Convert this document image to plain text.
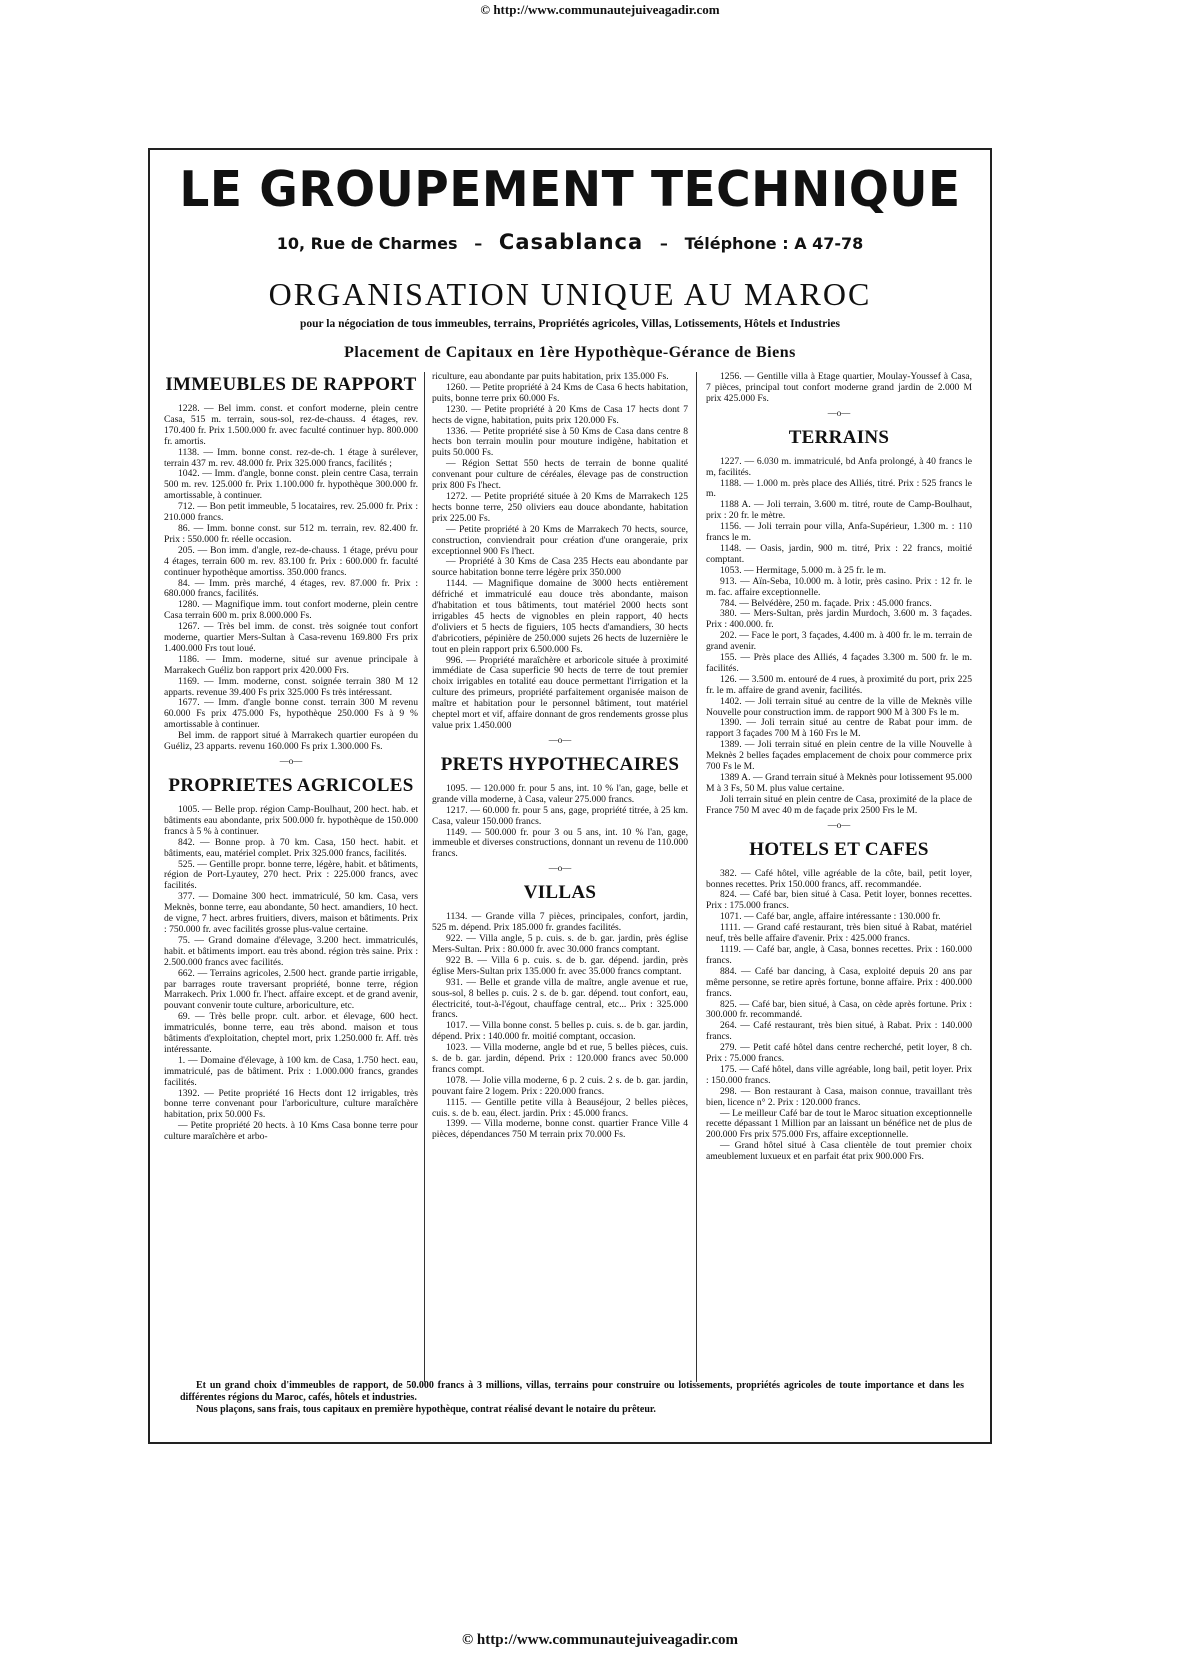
© http://www.communautejuiveagadir.com
LE GROUPEMENT TECHNIQUE
10, Rue de Charmes – Casablanca – Téléphone : A 47-78
ORGANISATION UNIQUE AU MAROC
pour la négociation de tous immeubles, terrains, Propriétés agricoles, Villas, Lotissements, Hôtels et Industries
Placement de Capitaux en 1ère Hypothèque-Gérance de Biens
IMMEUBLES DE RAPPORT

1228. — Bel imm. const. et confort moderne, plein centre Casa, 515 m. terrain, sous-sol, rez-de-chauss. 4 étages, rev. 170.400 fr. Prix 1.500.000 fr. avec faculté continuer hyp. 800.000 fr. amortis.

1138. — Imm. bonne const. rez-de-ch. 1 étage à surélever, terrain 437 m. rev. 48.000 fr. Prix 325.000 francs, facilités ;

1042. — Imm. d'angle, bonne const. plein centre Casa, terrain 500 m. rev. 125.000 fr. Prix 1.100.000 fr. hypothèque 300.000 fr. amortissable, à continuer.

712. — Bon petit immeuble, 5 locataires, rev. 25.000 fr. Prix : 210.000 francs.

86. — Imm. bonne const. sur 512 m. terrain, rev. 82.400 fr. Prix : 550.000 fr. réelle occasion.

205. — Bon imm. d'angle, rez-de-chauss. 1 étage, prévu pour 4 étages, terrain 600 m. rev. 83.100 fr. Prix : 600.000 fr. faculté continuer hypothèque amortiss. 350.000 francs.

84. — Imm. près marché, 4 étages, rev. 87.000 fr. Prix : 680.000 francs, facilités.

1280. — Magnifique imm. tout confort moderne, plein centre Casa terrain 600 m. prix 8.000.000 Fs.

1267. — Très bel imm. de const. très soignée tout confort moderne, quartier Mers-Sultan à Casa-revenu 169.800 Frs prix 1.400.000 Frs tout loué.

1186. — Imm. moderne, situé sur avenue principale à Marrakech Guéliz bon rapport prix 420.000 Frs.

1169. — Imm. moderne, const. soignée terrain 380 M 12 apparts. revenue 39.400 Fs prix 325.000 Fs très intéressant.

1677. — Imm. d'angle bonne const. terrain 300 M revenu 60.000 Fs prix 475.000 Fs, hypothèque 250.000 Fs à 9 % amortissable à continuer.

Bel imm. de rapport situé à Marrakech quartier européen du Guéliz, 23 apparts. revenu 160.000 Fs prix 1.300.000 Fs.

—o—
PROPRIETES AGRICOLES

1005. — Belle prop. région Camp-Boulhaut, 200 hect. hab. et bâtiments eau abondante, prix 500.000 fr. hypothèque de 150.000 francs à 5 % à continuer.

842. — Bonne prop. à 70 km. Casa, 150 hect. habit. et bâtiments, eau, matériel complet. Prix 325.000 francs, facilités.

525. — Gentille propr. bonne terre, légère, habit. et bâtiments, région de Port-Lyautey, 270 hect. Prix : 225.000 francs, avec facilités.

377. — Domaine 300 hect. immatriculé, 50 km. Casa, vers Meknès, bonne terre, eau abondante, 50 hect. amandiers, 10 hect. de vigne, 7 hect. arbres fruitiers, divers, maison et bâtiments. Prix : 750.000 fr. avec facilités grosse plus-value certaine.

75. — Grand domaine d'élevage, 3.200 hect. immatriculés, habit. et bâtiments import. eau très abond. région très saine. Prix : 2.500.000 francs avec facilités.

662. — Terrains agricoles, 2.500 hect. grande partie irrigable, par barrages route traversant propriété, bonne terre, région Marrakech. Prix 1.000 fr. l'hect. affaire except. et de grand avenir, pouvant convenir toute culture, arboriculture, etc.

69. — Très belle propr. cult. arbor. et élevage, 600 hect. immatriculés, bonne terre, eau très abond. maison et tous bâtiments d'exploitation, cheptel mort, prix 1.250.000 fr. Aff. très intéressante.

1. — Domaine d'élevage, à 100 km. de Casa, 1.750 hect. eau, immatriculé, pas de bâtiment. Prix : 1.000.000 francs, grandes facilités.

1392. — Petite propriété 16 Hects dont 12 irrigables, très bonne terre convenant pour l'arboriculture, culture maraîchère habitation, prix 50.000 Fs.

— Petite propriété 20 hects. à 10 Kms Casa bonne terre pour culture maraîchère et arbo-

riculture, eau abondante par puits habitation, prix 135.000 Fs.

1260. — Petite propriété à 24 Kms de Casa 6 hects habitation, puits, bonne terre prix 60.000 Fs.

1230. — Petite propriété à 20 Kms de Casa 17 hects dont 7 hects de vigne, habitation, puits prix 120.000 Fs.

1336. — Petite propriété sise à 50 Kms de Casa dans centre 8 hects bon terrain moulin pour mouture indigène, habitation et puits 50.000 Fs.

— Région Settat 550 hects de terrain de bonne qualité convenant pour culture de céréales, élevage pas de construction prix 800 Fs l'hect.

1272. — Petite propriété située à 20 Kms de Marrakech 125 hects bonne terre, 250 oliviers eau douce abondante, habitation prix 225.00 Fs.

— Petite propriété à 20 Kms de Marrakech 70 hects, source, construction, conviendrait pour création d'une orangeraie, prix exceptionnel 900 Fs l'hect.

— Propriété à 30 Kms de Casa 235 Hects eau abondante par source habitation bonne terre légère prix 350.000

1144. — Magnifique domaine de 3000 hects entièrement défriché et immatriculé eau douce très abondante, maison d'habitation et tous bâtiments, tout matériel 2000 hects sont irrigables 45 hects de vignobles en plein rapport, 40 hects d'oliviers et 5 hects de figuiers, 105 hects d'amandiers, 30 hects d'abricotiers, pépinière de 250.000 sujets 26 hects de luzernière le tout en plein rapport prix 6.500.000 Fs.

996. — Propriété maraîchère et arboricole située à proximité immédiate de Casa superficie 90 hects de terre de tout premier choix irrigables en totalité eau douce permettant l'irrigation et la culture des primeurs, propriété parfaitement organisée maison de maître et habitation pour le personnel bâtiment, tout matériel cheptel mort et vif, affaire donnant de gros rendements grosse plus value prix 1.450.000

—o—
PRETS HYPOTHECAIRES

1095. — 120.000 fr. pour 5 ans, int. 10 % l'an, gage, belle et grande villa moderne, à Casa, valeur 275.000 francs.

1217. — 60.000 fr. pour 5 ans, gage, propriété titrée, à 25 km. Casa, valeur 150.000 francs.

1149. — 500.000 fr. pour 3 ou 5 ans, int. 10 % l'an, gage, immeuble et diverses constructions, donnant un revenu de 110.000 francs.

—o—
VILLAS

1134. — Grande villa 7 pièces, principales, confort, jardin, 525 m. dépend. Prix 185.000 fr. grandes facilités.

922. — Villa angle, 5 p. cuis. s. de b. gar. jardin, près église Mers-Sultan. Prix : 80.000 fr. avec 30.000 francs comptant.

922 B. — Villa 6 p. cuis. s. de b. gar. dépend. jardin, près église Mers-Sultan prix 135.000 fr. avec 35.000 francs comptant.

931. — Belle et grande villa de maître, angle avenue et rue, sous-sol, 8 belles p. cuis. 2 s. de b. gar. dépend. tout confort, eau, électricité, tout-à-l'égout, chauffage central, etc... Prix : 325.000 francs.

1017. — Villa bonne const. 5 belles p. cuis. s. de b. gar. jardin, dépend. Prix : 140.000 fr. moitié comptant, occasion.

1023. — Villa moderne, angle bd et rue, 5 belles pièces, cuis. s. de b. gar. jardin, dépend. Prix : 120.000 francs avec 50.000 francs compt.

1078. — Jolie villa moderne, 6 p. 2 cuis. 2 s. de b. gar. jardin, pouvant faire 2 logem. Prix : 220.000 francs.

1115. — Gentille petite villa à Beauséjour, 2 belles pièces, cuis. s. de b. eau, élect. jardin. Prix : 45.000 francs.

1399. — Villa moderne, bonne const. quartier France Ville 4 pièces, dépendances 750 M terrain prix 70.000 Fs.

1256. — Gentille villa à Etage quartier, Moulay-Youssef à Casa, 7 pièces, principal tout confort moderne grand jardin de 2.000 M prix 425.000 Fs.

—o—
TERRAINS

1227. — 6.030 m. immatriculé, bd Anfa prolongé, à 40 francs le m, facilités.

1188. — 1.000 m. près place des Alliés, titré. Prix : 525 francs le m.

1188 A. — Joli terrain, 3.600 m. titré, route de Camp-Boulhaut, prix : 20 fr. le mètre.

1156. — Joli terrain pour villa, Anfa-Supérieur, 1.300 m. : 110 francs le m.

1148. — Oasis, jardin, 900 m. titré, Prix : 22 francs, moitié comptant.

1053. — Hermitage, 5.000 m. à 25 fr. le m.

913. — Aïn-Seba, 10.000 m. à lotir, près casino. Prix : 12 fr. le m. fac. affaire exceptionnelle.

784. — Belvédère, 250 m. façade. Prix : 45.000 francs.

380. — Mers-Sultan, près jardin Murdoch, 3.600 m. 3 façades. Prix : 400.000. fr.

202. — Face le port, 3 façades, 4.400 m. à 400 fr. le m. terrain de grand avenir.

155. — Près place des Alliés, 4 façades 3.300 m. 500 fr. le m. facilités.

126. — 3.500 m. entouré de 4 rues, à proximité du port, prix 225 fr. le m. affaire de grand avenir, facilités.

1402. — Joli terrain situé au centre de la ville de Meknès ville Nouvelle pour construction imm. de rapport 900 M à 300 Fs le m.

1390. — Joli terrain situé au centre de Rabat pour imm. de rapport 3 façades 700 M à 160 Frs le M.

1389. — Joli terrain situé en plein centre de la ville Nouvelle à Meknès 2 belles façades emplacement de choix pour commerce prix 700 Fs le M.

1389 A. — Grand terrain situé à Meknès pour lotissement 95.000 M à 3 Fs, 50 M. plus value certaine.

Joli terrain situé en plein centre de Casa, proximité de la place de France 750 M avec 40 m de façade prix 2500 Frs le M.

—o—
HOTELS ET CAFES

382. — Café hôtel, ville agréable de la côte, bail, petit loyer, bonnes recettes. Prix 150.000 francs, aff. recommandée.

824. — Café bar, bien situé à Casa. Petit loyer, bonnes recettes. Prix : 175.000 francs.

1071. — Café bar, angle, affaire intéressante : 130.000 fr.

1111. — Grand café restaurant, très bien situé à Rabat, matériel neuf, très belle affaire d'avenir. Prix : 425.000 francs.

1119. — Café bar, angle, à Casa, bonnes recettes. Prix : 160.000 francs.

884. — Café bar dancing, à Casa, exploité depuis 20 ans par même personne, se retire après fortune, bonne affaire. Prix : 400.000 francs.

825. — Café bar, bien situé, à Casa, on cède après fortune. Prix : 300.000 fr. recommandé.

264. — Café restaurant, très bien situé, à Rabat. Prix : 140.000 francs.

279. — Petit café hôtel dans centre recherché, petit loyer, 8 ch. Prix : 75.000 francs.

175. — Café hôtel, dans ville agréable, long bail, petit loyer. Prix : 150.000 francs.

298. — Bon restaurant à Casa, maison connue, travaillant très bien, licence n° 2. Prix : 120.000 francs.

— Le meilleur Café bar de tout le Maroc situation exceptionnelle recette dépassant 1 Million par an laissant un bénéfice net de plus de 200.000 Frs prix 575.000 Frs, affaire exceptionnelle.

— Grand hôtel situé à Casa clientèle de tout premier choix ameublement luxueux et en parfait état prix 900.000 Frs.

Et un grand choix d'immeubles de rapport, de 50.000 francs à 3 millions, villas, terrains pour construire ou lotissements, propriétés agricoles de toute importance et dans les différentes régions du Maroc, cafés, hôtels et industries.

Nous plaçons, sans frais, tous capitaux en première hypothèque, contrat réalisé devant le notaire du prêteur.

© http://www.communautejuiveagadir.com
